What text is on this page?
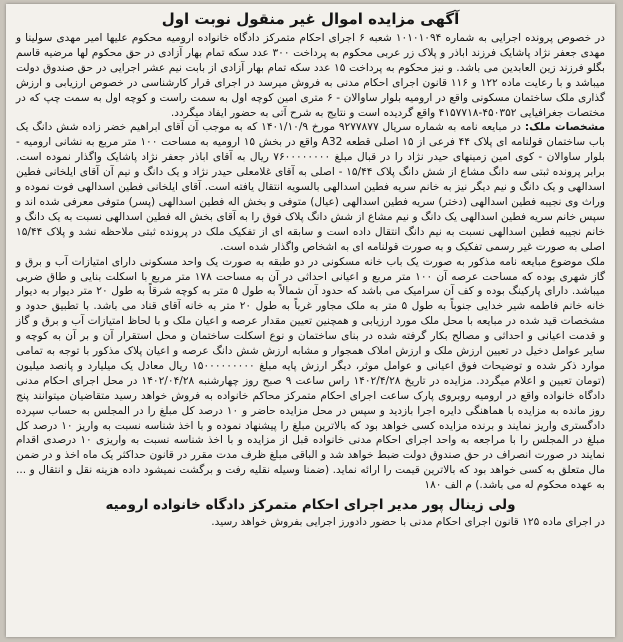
آگهی مزایده اموال غیر منقول نوبت اول

در خصوص پرونده اجرایی به شماره ۱۰۱۰۱۰۹۴ شعبه ۶ اجرای احکام متمرکز دادگاه خانواده ارومیه محکوم علیها امیر مهدی سولینا و مهدی جعفر نژاد پاشایک فرزند اباذر و پلاک زر عربی محکوم به پرداخت ۳۰۰ عدد سکه تمام بهار آزادی در حق محکوم لها مرضیه قاسم بگلو فرزند زین العابدین می باشد. و نیز محکوم به پرداخت ۱۵ عدد سکه تمام بهار آزادی از بابت نیم عشر اجرایی در حق صندوق دولت میباشد و با رعایت ماده ۱۲۲ و ۱۱۶ قانون اجرای احکام مدنی به فروش میرسد در اجرای قرار کارشناسی در خصوص ارزیابی و ارزش گذاری ملک ساختمان مسکونی واقع در ارومیه بلوار ساوالان - ۶ متری امین کوچه اول به سمت راست و کوچه اول به سمت چپ که در مختصات جغرافیایی ۴۵۰۳۵۲-۴۱۵۷۷۱۸ واقع گردیده است و نتایج به شرح آتی به حضور ایفاد میگردد.

مشخصات ملک: در مبایعه نامه به شماره سریال ۹۲۷۷۸۷۷ مورخ ۱۴۰۱/۱۰/۹ که به موجب آن آقای ابراهیم خضر زاده شش دانگ یک باب ساختمان قولنامه ای پلاک ۴۴ فرعی از ۱۵ اصلی قطعه A32 واقع در بخش ۱۵ ارومیه به مساحت ۱۰۰ متر مربع به نشانی ارومیه - بلوار ساوالان - کوی امین زمینهای حیدر نژاد را در قبال مبلغ ۷۶۰۰۰۰۰۰۰۰ ریال به آقای اباذر جعفر نژاد پاشایک واگذار نموده است. برابر پرونده ثبتی سه دانگ مشاع از شش دانگ پلاک ۱۵/۴۴ - اصلی به آقای غلامعلی حیدر نژاد و یک دانگ و نیم آن آقای ایلخانی فطین اسدالهی و یک دانگ و نیم دیگر نیز به خانم سریه فطین اسدالهی بالسویه انتقال یافته است. آقای ایلخانی فطین اسدالهی فوت نموده و وراث وی نجیبه فطین اسدالهی (دختر) سریه فطین اسدالهی (عیال) متوفی و بخش اله فطین اسدالهی (پسر) متوفی معرفی شده اند و سپس خانم سریه فطین اسدالهی یک دانگ و نیم مشاع از شش دانگ پلاک فوق را به آقای بخش اله فطین اسدالهی نسبت به یک دانگ و خانم نجیبه فطین اسدالهی نسبت به نیم دانگ انتقال داده است و سابقه ای از تفکیک ملک در پرونده ثبتی ملاحظه نشد و پلاک ۱۵/۴۴ اصلی به صورت غیر رسمی تفکیک و به صورت قولنامه ای به اشخاص واگذار شده است.

ملک موضوع مبایعه نامه مذکور به صورت یک باب خانه مسکونی در دو طبقه به صورت یک واحد مسکونی دارای امتیازات آب و برق و گاز شهری بوده که مساحت عرصه آن ۱۰۰ متر مربع و اعیانی احداثی در آن به مساحت ۱۷۸ متر مربع با اسکلت بنایی و طاق ضربی میباشد. دارای پارکینگ بوده و کف آن سرامیک می باشد که حدود آن شمالاً به طول ۵ متر به کوچه شرقاً به طول ۲۰ متر دیوار به دیوار خانه خانم فاطمه شیر خدایی جنوباً به طول ۵ متر به ملک مجاور غرباً به طول ۲۰ متر به خانه آقای قناد می باشد. با تطبیق حدود و مشخصات قید شده در مبایعه با محل ملک مورد ارزیابی و همچنین تعیین مقدار عرصه و اعیان ملک و با لحاظ امتیازات آب و برق و گاز و قدمت اعیانی و احداثی و مصالح بکار گرفته شده در بنای ساختمان و نوع اسکلت ساختمان و محل استقرار آن و بر آن به کوچه و سایر عوامل دخیل در تعیین ارزش ملک و ارزش املاک همجوار و مشابه ارزش شش دانگ عرصه و اعیان پلاک مذکور با توجه به تمامی موارد ذکر شده و توضیحات فوق اعیانی و عوامل موثر، دیگر ارزش پایه مبلغ ۱۵۰۰۰۰۰۰۰۰۰ ریال معادل یک میلیارد و پانصد میلیون (تومان تعیین و اعلام میگردد. مزایده در تاریخ ۱۴۰۲/۴/۲۸ راس ساعت ۹ صبح روز چهارشنبه ۱۴۰۲/۰۴/۲۸ در محل اجرای احکام مدنی دادگاه خانواده واقع در ارومیه روبروی پارک ساعت اجرای احکام متمرکز محاکم خانواده به فروش خواهد رسید متقاضیان میتوانند پنج روز مانده به مزایده با هماهنگی دایره اجرا بازدید و سپس در محل مزایده حاضر و ۱۰ درصد کل مبلغ را در المجلس به حساب سپرده دادگستری واریز نمایند و برنده مزایده کسی خواهد بود که بالاترین مبلغ را پیشنهاد نموده و با اخذ شناسه نسبت به واریز ۱۰ درصد کل مبلغ در المجلس را با مراجعه به واحد اجرای احکام مدنی خانواده قبل از مزایده و با اخذ شناسه نسبت به واریزی ۱۰ درصدی اقدام نمایند در صورت انصراف در حق صندوق دولت ضبط خواهد شد و الباقی مبلغ ظرف مدت مقرر در قانون حداکثر یک ماه اخذ و در ضمن مال متعلق به کسی خواهد بود که بالاترین قیمت را ارائه نماید. (ضمنا وسیله نقلیه رفت و برگشت نمیشود داده هزینه نقل و انتقال و ... به عهده محکوم له می باشد.) م الف ۱۸۰

ولی زینال پور مدیر اجرای احکام متمرکز دادگاه خانواده ارومیه
در اجرای ماده ۱۲۵ قانون اجرای احکام مدنی با حضور دادورز اجرایی بفروش خواهد رسید.
